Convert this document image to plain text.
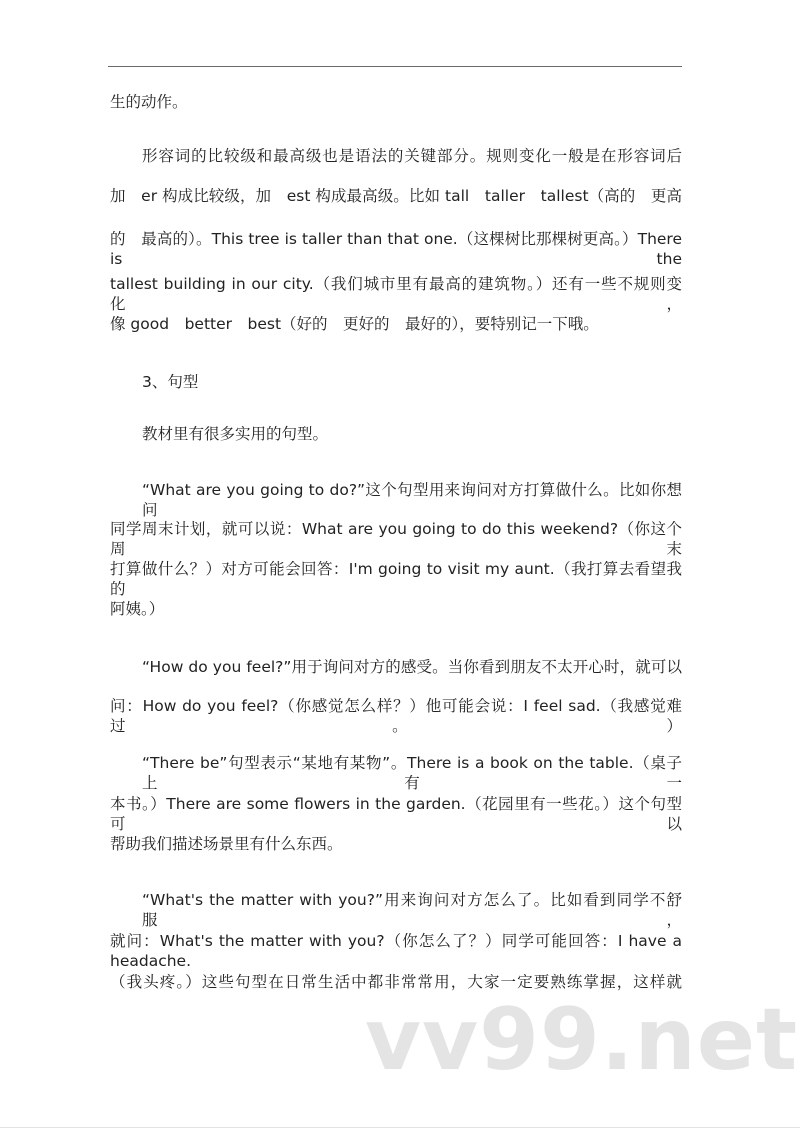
生的动作。
形容词的比较级和最高级也是语法的关键部分。规则变化一般是在形容词后
加　er 构成比较级，加　est 构成最高级。比如 tall　taller　tallest（高的　更高
的　最高的）。This tree is taller than that one.（这棵树比那棵树更高。）There is the
tallest building in our city.（我们城市里有最高的建筑物。）还有一些不规则变化，
像 good　better　best（好的　更好的　最好的），要特别记一下哦。
3、句型
教材里有很多实用的句型。
“What are you going to do?”这个句型用来询问对方打算做什么。比如你想问
同学周末计划，就可以说：What are you going to do this weekend?（你这个周末
打算做什么？）对方可能会回答：I'm going to visit my aunt.（我打算去看望我的
阿姨。）
“How do you feel?”用于询问对方的感受。当你看到朋友不太开心时，就可以
问：How do you feel?（你感觉怎么样？）他可能会说：I feel sad.（我感觉难过。）
“There be”句型表示“某地有某物”。There is a book on the table.（桌子上有一
本书。）There are some flowers in the garden.（花园里有一些花。）这个句型可以
帮助我们描述场景里有什么东西。
“What's the matter with you?”用来询问对方怎么了。比如看到同学不舒服，
就问：What's the matter with you?（你怎么了？）同学可能回答：I have a headache.
（我头疼。）这些句型在日常生活中都非常常用，大家一定要熟练掌握，这样就
vv99.net
